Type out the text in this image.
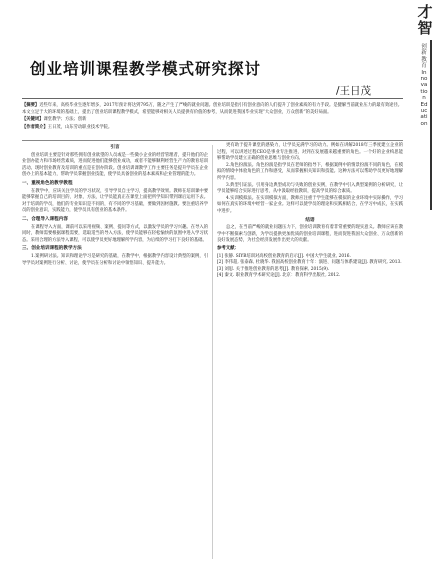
创业培训课程教学模式研究探讨
/王日茂

【摘要】近些年来，高校毕业生逐年增多，2017年预计将达到795万，随之产生了严峻的就业问题。创业培训是指引有创业意向的人们提升了创业素质的有力手段。是健解当前就业压力的最有效途径。本文立足于大的环境的基础上，提出了创业培训课程教学模式，希望能够对相关人员提供有价值的参考，从而促进我国毕业实现“大众创业，万众创新”的美好局面。

【关键词】课堂教学；方法；创新

【作者简介】王日茂，山东劳动职业技术学院。

引言

创业培训主要是针对那些拥有创业欲望的人员或是一些微小企业的经营管理者，提升他们的企业创办能力和市场经营素质，进而促进他们能够创业成功，或者不能够顺利经营生产力的教育培训活动。现时创业教育及培训的重点是在创办阶段。创业培训课教学工作主要任务是提升学员在企业创办上的基本能力，帮助学员掌握创业技能，使学员具备创业的基本素质和企业管理的能力。

一、重视角色的教学教程

在教学中，应该关注学员的学习状况，引导学员自主学习，提高教学效果。教师在培训课中要能够掌握自己的培训目的、对象、方法，让学员能真正在课堂上面把所学知识带到课后运用下去。对于培训的学员，他们的专业知识是不同的，有不同的学习基础，要做到因材施教。要注重培养学员的创业意识、实践能力，使学员具有创业的基本条件。

二、合理导入课程内容

在课程导入方面，课前可以采用视频、案例、提问等方式，以激发学员的学习兴趣。在导入的同时，教师需要根据课程需要，选取适当的导入方法，使学员能够在轻松愉快的氛围中进入学习状态。采用合理的方法导入课程，可以使学员更好地理解所学内容，为后续的学习打下良好的基础。

三、创业培训课程的教学方法

1.案例研讨法。知识和理论学习是研究的基础，在教学中，根据教学内容设计典型的案例，引导学员对案例进行分析、讨论，使学员在分析和讨论中领悟知识、提升能力。

更有助于提升课堂的感染力，让学员充满学习的动力。例如在讲解2018年三季度建立企业的过程，可以讲述过程CEO是事业专注推进，对到在发展越来越重要的角色。一个好的企业构思能够帮助学员建立正确的创业思维与创业方向。

2.角色扮演法。角色扮演是指学员在老师的指导下，根据案例中的情景扮演不同的角色，在模拟的情境中体验角色的工作和感受，从而掌握相关知识和技能。这种方法可以帮助学员更好地理解所学内容。

3.典型引证法。引用身边典型成功与失败的创业实例，在教学中引入典型案例的分析研究，让学员能够结合实际进行思考，从中汲取经验教训，提高学员的综合素质。

4.实训模拟法。在实训模拟方面，教师应注重于学生能够在模拟的企业环境中实际操作，学习如何在真实的环境中经营一家企业。这样可以使学员的理论和实践相结合，在学习中成长，在实践中进步。

结语

总之，在当前严峻的就业问题压力下，创业培训教育有着非常重要的现实意义。教师应该在教学中不断探索与创新，为学员提供更加优质的创业培训课程，进而促进我国大众创业、万众创新的良好发展态势，为社会经济发展作出更大的贡献。

参考文献：

[1] 张静. SIYB培训对高校创业教育的启示[J]. 中国大学生就业, 2016.

[2] 李伟超, 张泰森, 杜晓华. 我国高校创业教育十年：演进、问题与体系建设[J]. 教育研究, 2013.

[3] 刘思. 关于推进创业教育的思考[J]. 教育探索, 2015(9).

[4] 秦文. 职业教育学术研究论[J]. 北京：教育科学出版社, 2012.

才智
创新教育 Innovation Education
